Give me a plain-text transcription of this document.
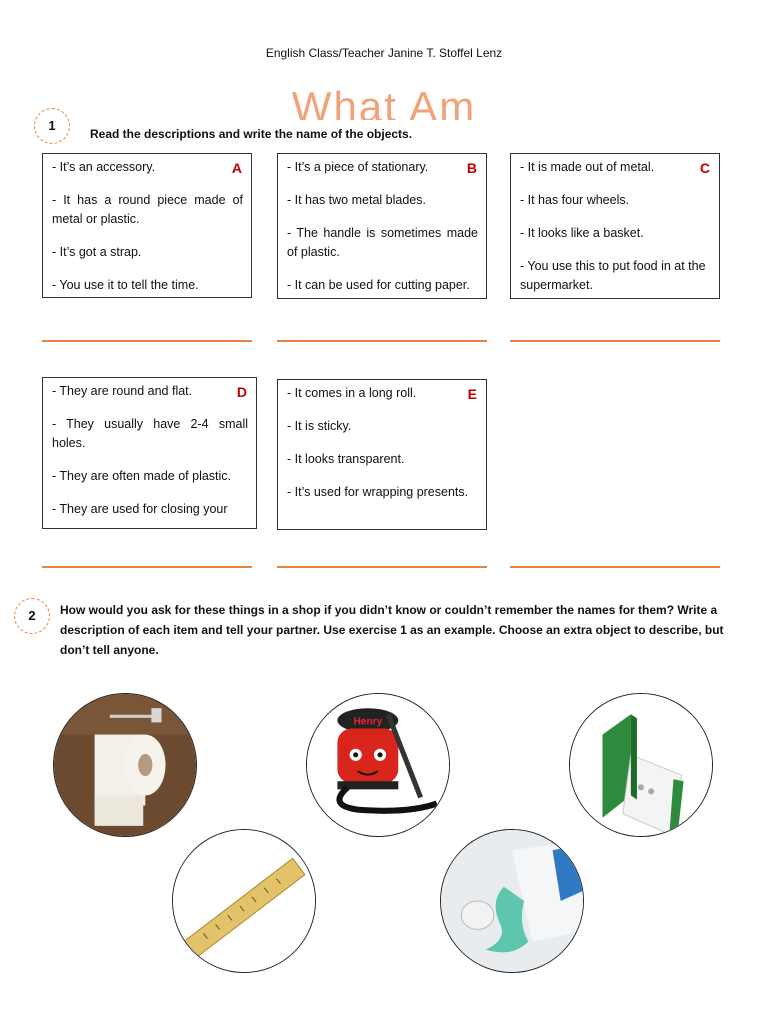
English Class/Teacher Janine T. Stoffel Lenz
What Am
1
Read the descriptions and write the name of the objects.
A

- It’s an accessory.

- It has a round piece made of metal or plastic.

- It’s got a strap.

- You use it to tell the time.

B

- It’s a piece of stationary.

- It has two metal blades.

- The handle is sometimes made of plastic.

- It can be used for cutting paper.

C

- It is made out of metal.

- It has four wheels.

- It looks like a basket.

- You use this to put food in at the supermarket.

D

- They are round and flat.

- They usually have 2-4 small holes.

- They are often made of plastic.

- They are used for closing your

E

- It comes in a long roll.

- It is sticky.

- It looks transparent.

- It’s used for wrapping presents.

2	How would you ask for these things in a shop if you didn’t know or couldn’t remember the names for them? Write a description of each item and tell your partner. Use exercise 1 as an example. Choose an extra object to describe, but don’t tell anyone.
Henry
